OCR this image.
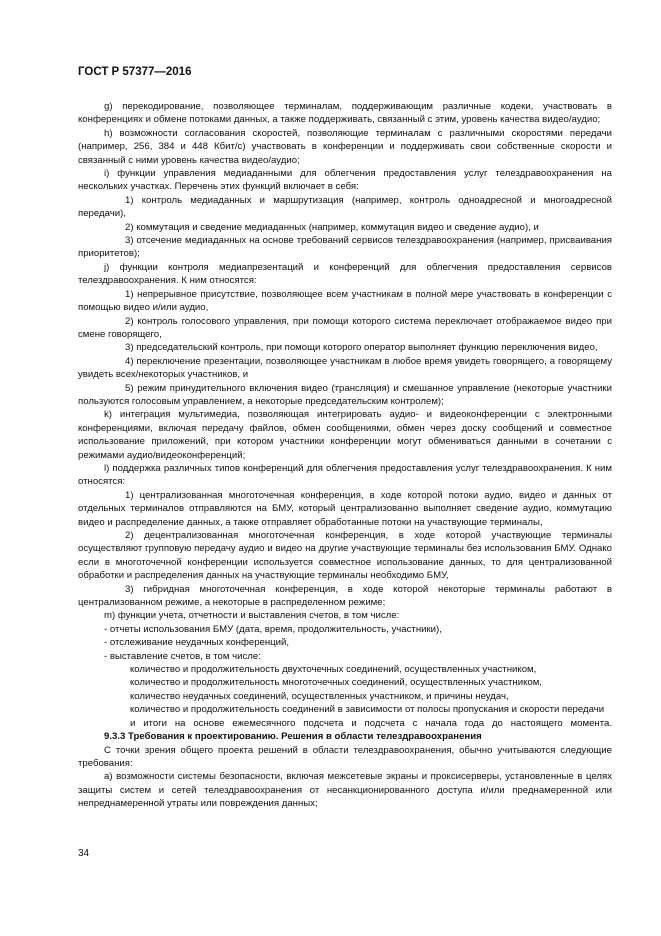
ГОСТ Р 57377—2016

g) перекодирование, позволяющее терминалам, поддерживающим различные кодеки, участвовать в конференциях и обмене потоками данных, а также поддерживать, связанный с этим, уровень качества видео/аудио;

h) возможности согласования скоростей, позволяющие терминалам с различными скоростями передачи (например, 256, 384 и 448 Кбит/с) участвовать в конференции и поддерживать свои собственные скорости и связанный с ними уровень качества видео/аудио;

i) функции управления медиаданными для облегчения предоставления услуг телездравоохранения на нескольких участках. Перечень этих функций включает в себя:

1) контроль медиаданных и маршрутизация (например, контроль одноадресной и многоадресной передачи),

2) коммутация и сведение медиаданных (например, коммутация видео и сведение аудио), и

3) отсечение медиаданных на основе требований сервисов телездравоохранения (например, присваивания приоритетов);

j) функции контроля медиапрезентаций и конференций для облегчения предоставления сервисов телездравоохранения. К ним относятся:

1) непрерывное присутствие, позволяющее всем участникам в полной мере участвовать в конференции с помощью видео и/или аудио,

2) контроль голосового управления, при помощи которого система переключает отображаемое видео при смене говорящего,

3) председательский контроль, при помощи которого оператор выполняет функцию переключения видео,

4) переключение презентации, позволяющее участникам в любое время увидеть говорящего, а говорящему увидеть всех/некоторых участников, и

5) режим принудительного включения видео (трансляция) и смешанное управление (некоторые участники пользуются голосовым управлением, а некоторые председательским контролем);

k) интеграция мультимедиа, позволяющая интегрировать аудио- и видеоконференции с электронными конференциями, включая передачу файлов, обмен сообщениями, обмен через доску сообщений и совместное использование приложений, при котором участники конференции могут обмениваться данными в сочетании с режимами аудио/видеоконференций;

l) поддержка различных типов конференций для облегчения предоставления услуг телездравоохранения. К ним относятся:

1) централизованная многоточечная конференция, в ходе которой потоки аудио, видео и данных от отдельных терминалов отправляются на БМУ, который централизованно выполняет сведение аудио, коммутацию видео и распределение данных, а также отправляет обработанные потоки на участвующие терминалы,

2) децентрализованная многоточечная конференция, в ходе которой участвующие терминалы осуществляют групповую передачу аудио и видео на другие участвующие терминалы без использования БМУ. Однако если в многоточечной конференции используется совместное использование данных, то для централизованной обработки и распределения данных на участвующие терминалы необходимо БМУ,

3) гибридная многоточечная конференция, в ходе которой некоторые терминалы работают в централизованном режиме, а некоторые в распределенном режиме;

m) функции учета, отчетности и выставления счетов, в том числе:

- отчеты использования БМУ (дата, время, продолжительность, участники),

- отслеживание неудачных конференций,

- выставление счетов, в том числе:

количество и продолжительность двухточечных соединений, осуществленных участником,

количество и продолжительность многоточечных соединений, осуществленных участником,

количество неудачных соединений, осуществленных участником, и причины неудач,

количество и продолжительность соединений в зависимости от полосы пропускания и скорости передачи и итоги на основе ежемесячного подсчета и подсчета с начала года до настоящего момента.

9.3.3 Требования к проектированию. Решения в области телездравоохранения

С точки зрения общего проекта решений в области телездравоохранения, обычно учитываются следующие требования:

а) возможности системы безопасности, включая межсетевые экраны и проксисерверы, установленные в целях защиты систем и сетей телездравоохранения от несанкционированного доступа и/или преднамеренной или непреднамеренной утраты или повреждения данных;

34
